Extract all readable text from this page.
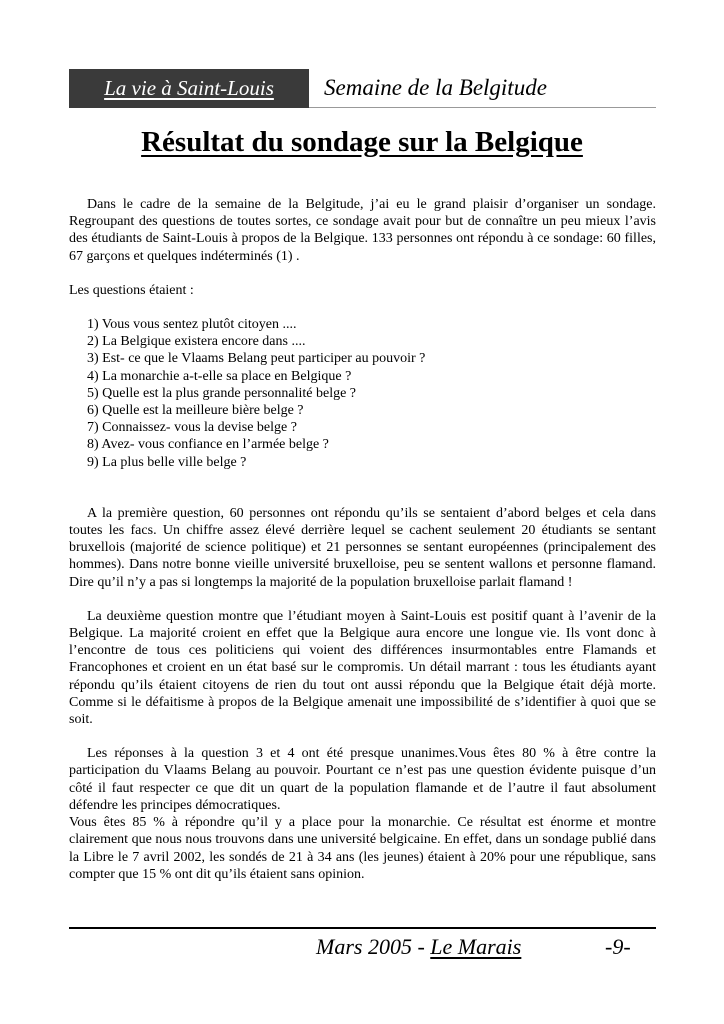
La vie à Saint-Louis Semaine de la Belgitude
Résultat du sondage sur la Belgique

Dans le cadre de la semaine de la Belgitude, j’ai eu le grand plaisir d’organiser un sondage. Regroupant des questions de toutes sortes, ce sondage avait pour but de connaître un peu mieux l’avis des étudiants de Saint-Louis à propos de la Belgique. 133 personnes ont répondu à ce sondage: 60 filles, 67 garçons et quelques indéterminés (1) .

Les questions étaient :

1) Vous vous sentez plutôt citoyen ....
2) La Belgique existera encore dans ....
3) Est- ce que le Vlaams Belang peut participer au pouvoir ?
4) La monarchie a-t-elle sa place en Belgique ?
5) Quelle est la plus grande personnalité belge ?
6) Quelle est la meilleure bière belge ?
7) Connaissez- vous la devise belge ?
8) Avez- vous confiance en l’armée belge ?
9) La plus belle ville belge ?

A la première question, 60 personnes ont répondu qu’ils se sentaient d’abord belges et cela dans toutes les facs. Un chiffre assez élevé derrière lequel se cachent seulement 20 étudiants se sentant bruxellois (majorité de science politique) et 21 personnes se sentant européennes (principalement des hommes). Dans notre bonne vieille université bruxelloise, peu se sentent wallons et personne flamand. Dire qu’il n’y a pas si longtemps la majorité de la population bruxelloise parlait flamand !

La deuxième question montre que l’étudiant moyen à Saint-Louis est positif quant à l’avenir de la Belgique. La majorité croient en effet que la Belgique aura encore une longue vie. Ils vont donc à l’encontre de tous ces politiciens qui voient des différences insurmontables entre Flamands et Francophones et croient en un état basé sur le compromis. Un détail marrant : tous les étudiants ayant répondu qu’ils étaient citoyens de rien du tout ont aussi répondu que la Belgique était déjà morte. Comme si le défaitisme à propos de la Belgique amenait une impossibilité de s’identifier à quoi que se soit.

Les réponses à la question 3 et 4 ont été presque unanimes.Vous êtes 80 % à être contre la participation du Vlaams Belang au pouvoir. Pourtant ce n’est pas une question évidente puisque d’un côté il faut respecter ce que dit un quart de la population flamande et de l’autre il faut absolument défendre les principes démocratiques.

Vous êtes 85 % à répondre qu’il y a place pour la monarchie. Ce résultat est énorme et montre clairement que nous nous trouvons dans une université belgicaine. En effet, dans un sondage publié dans la Libre le 7 avril 2002, les sondés de 21 à 34 ans (les jeunes) étaient à 20% pour une république, sans compter que 15 % ont dit qu’ils étaient sans opinion.

Mars 2005 - Le Marais	-9-
